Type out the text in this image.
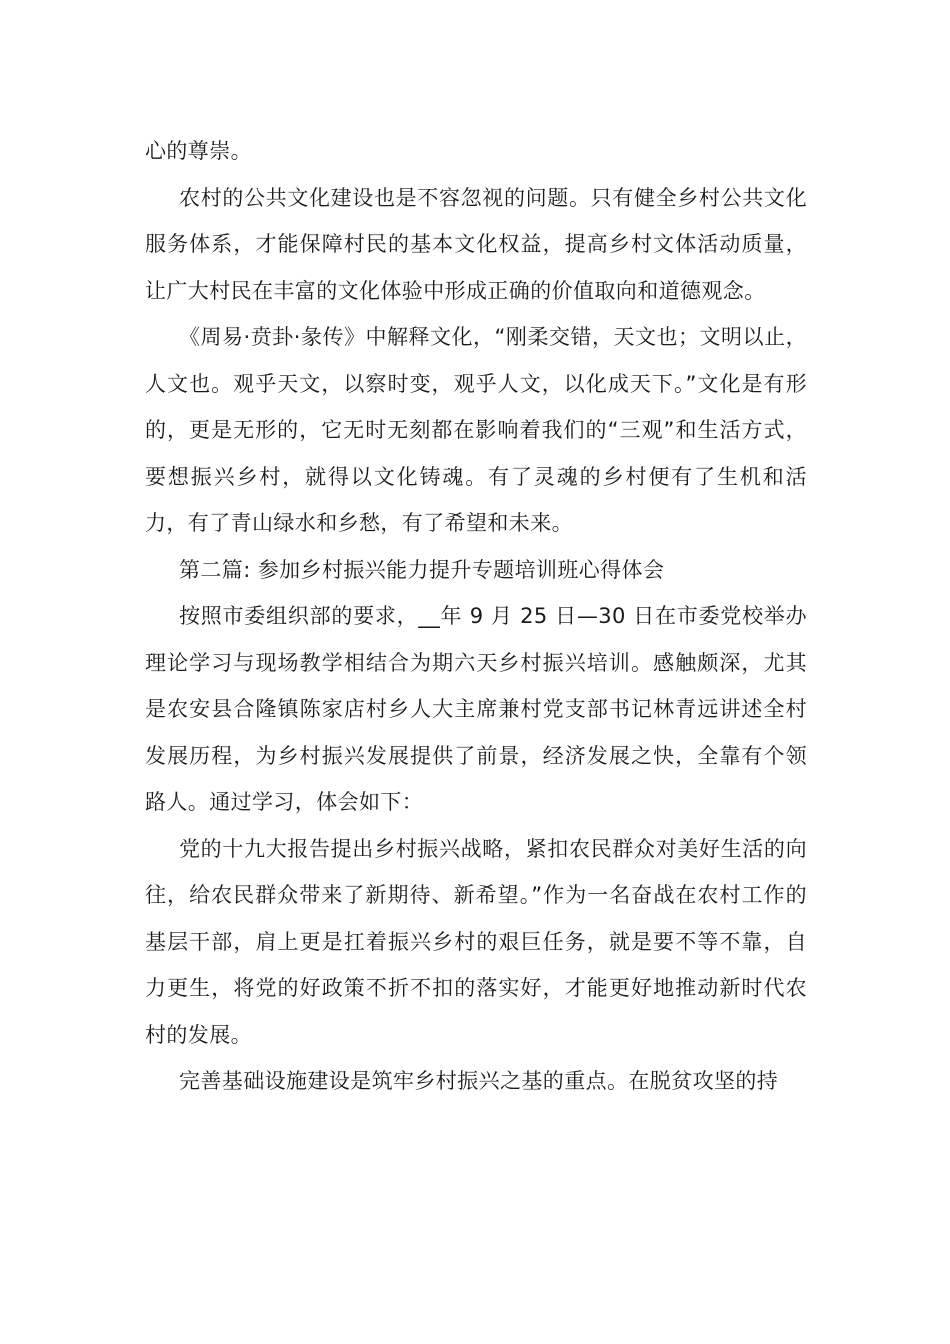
心的尊崇。

农村的公共文化建设也是不容忽视的问题。只有健全乡村公共文化服务体系，才能保障村民的基本文化权益，提高乡村文体活动质量，让广大村民在丰富的文化体验中形成正确的价值取向和道德观念。

《周易·贲卦·彖传》中解释文化，“刚柔交错，天文也；文明以止，人文也。观乎天文，以察时变，观乎人文，以化成天下。”文化是有形的，更是无形的，它无时无刻都在影响着我们的“三观”和生活方式，要想振兴乡村，就得以文化铸魂。有了灵魂的乡村便有了生机和活力，有了青山绿水和乡愁，有了希望和未来。

第二篇: 参加乡村振兴能力提升专题培训班心得体会

按照市委组织部的要求，__年 9 月 25 日—30 日在市委党校举办理论学习与现场教学相结合为期六天乡村振兴培训。感触颇深，尤其是农安县合隆镇陈家店村乡人大主席兼村党支部书记林青远讲述全村发展历程，为乡村振兴发展提供了前景，经济发展之快，全靠有个领路人。通过学习，体会如下：

党的十九大报告提出乡村振兴战略，紧扣农民群众对美好生活的向往，给农民群众带来了新期待、新希望。”作为一名奋战在农村工作的基层干部，肩上更是扛着振兴乡村的艰巨任务，就是要不等不靠，自力更生，将党的好政策不折不扣的落实好，才能更好地推动新时代农村的发展。

完善基础设施建设是筑牢乡村振兴之基的重点。在脱贫攻坚的持
